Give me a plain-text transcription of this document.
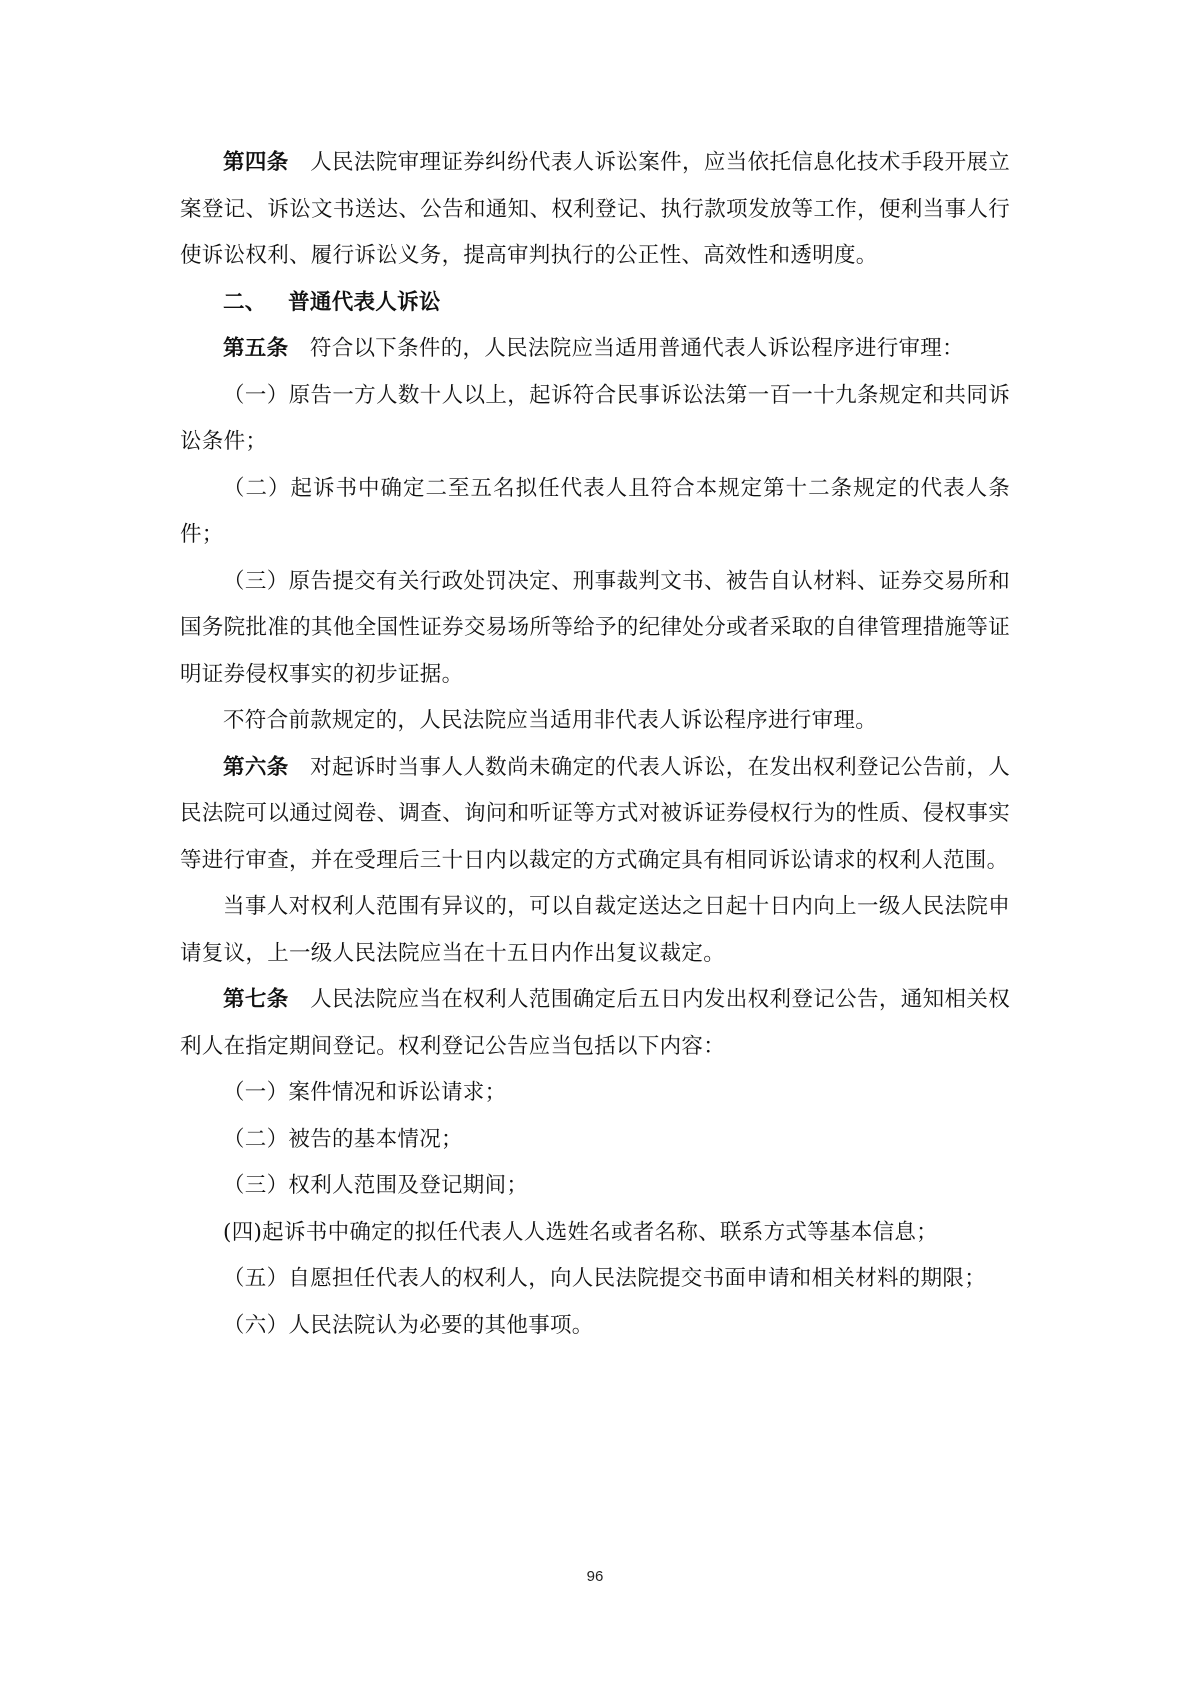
第四条 人民法院审理证券纠纷代表人诉讼案件，应当依托信息化技术手段开展立案登记、诉讼文书送达、公告和通知、权利登记、执行款项发放等工作，便利当事人行使诉讼权利、履行诉讼义务，提高审判执行的公正性、高效性和透明度。

二、 普通代表人诉讼

第五条 符合以下条件的，人民法院应当适用普通代表人诉讼程序进行审理：

（一）原告一方人数十人以上，起诉符合民事诉讼法第一百一十九条规定和共同诉讼条件；

（二）起诉书中确定二至五名拟任代表人且符合本规定第十二条规定的代表人条件；

（三）原告提交有关行政处罚决定、刑事裁判文书、被告自认材料、证券交易所和国务院批准的其他全国性证券交易场所等给予的纪律处分或者采取的自律管理措施等证明证券侵权事实的初步证据。

不符合前款规定的，人民法院应当适用非代表人诉讼程序进行审理。

第六条 对起诉时当事人人数尚未确定的代表人诉讼，在发出权利登记公告前，人民法院可以通过阅卷、调查、询问和听证等方式对被诉证券侵权行为的性质、侵权事实等进行审查，并在受理后三十日内以裁定的方式确定具有相同诉讼请求的权利人范围。

当事人对权利人范围有异议的，可以自裁定送达之日起十日内向上一级人民法院申请复议，上一级人民法院应当在十五日内作出复议裁定。

第七条 人民法院应当在权利人范围确定后五日内发出权利登记公告，通知相关权利人在指定期间登记。权利登记公告应当包括以下内容：

（一）案件情况和诉讼请求；

（二）被告的基本情况；

（三）权利人范围及登记期间；

(四)起诉书中确定的拟任代表人人选姓名或者名称、联系方式等基本信息；

（五）自愿担任代表人的权利人，向人民法院提交书面申请和相关材料的期限；

（六）人民法院认为必要的其他事项。

96
